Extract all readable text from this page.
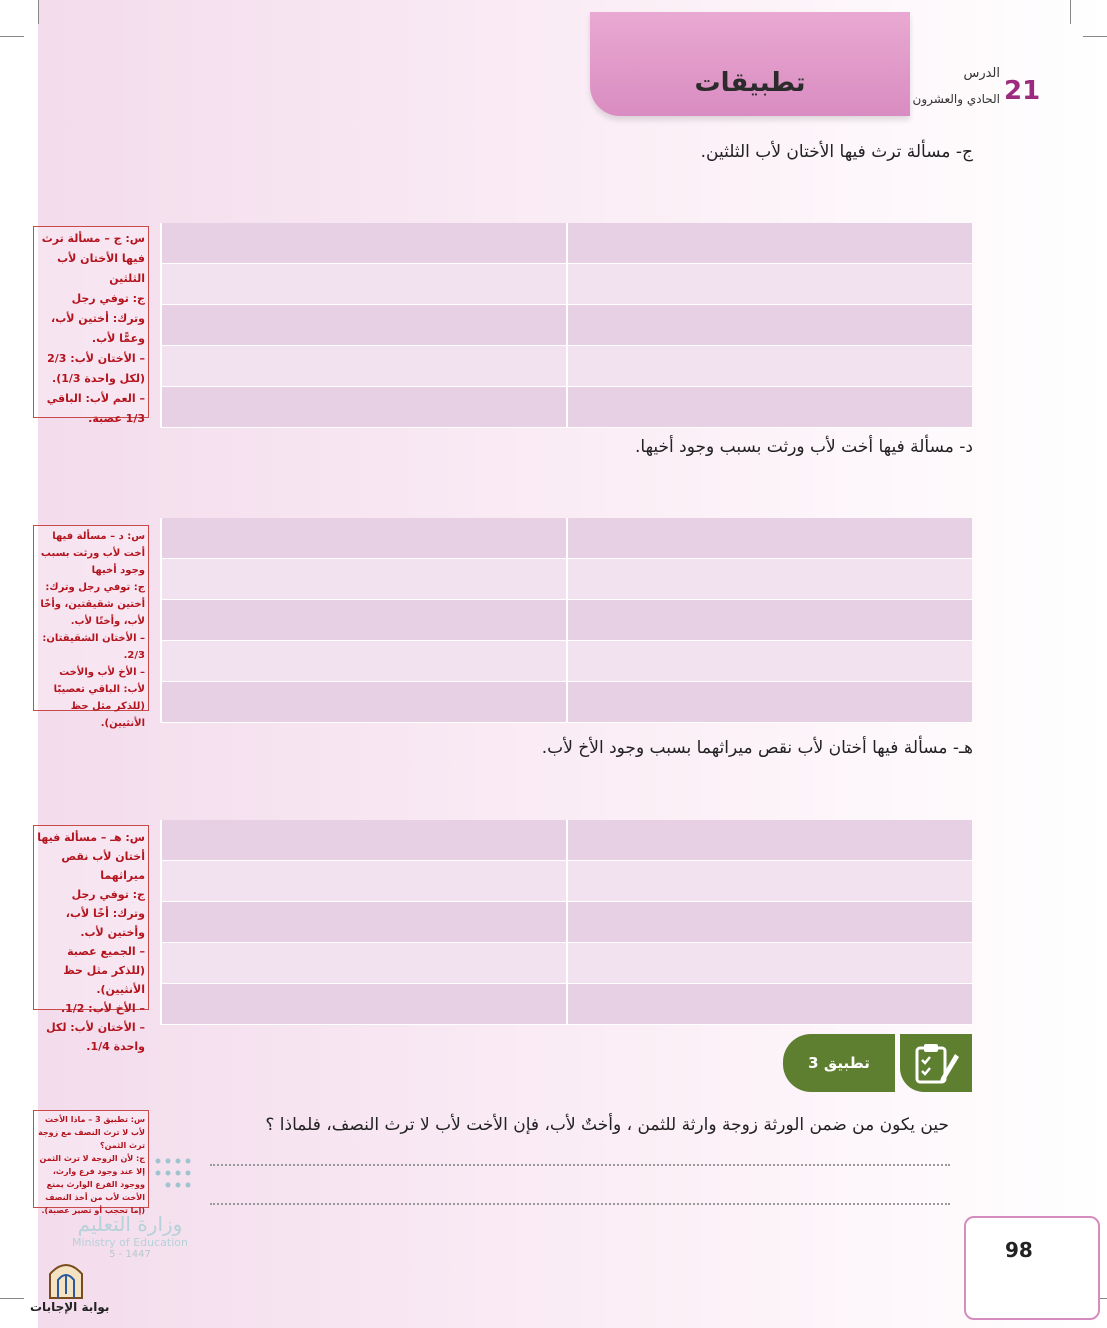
تطبيقات	الدرس
الحادي والعشرون 21
ج- مسألة ترث فيها الأختان لأب الثلثين.

س: ج – مسألة ترث فيها الأختان لأب الثلثين

ج: توفي رجل وترك: أختين لأب، وعمًّا لأب.

– الأختان لأب: 2/3 (لكل واحدة 1/3).

– العم لأب: الباقي 1/3 عصبة.

د- مسألة فيها أخت لأب ورثت بسبب وجود أخيها.

س: د – مسألة فيها أخت لأب ورثت بسبب وجود أخيها

ج: توفي رجل وترك: أختين شقيقتين، وأخًا لأب، وأختًا لأب.

– الأختان الشقيقتان: 2/3.

– الأخ لأب والأخت لأب: الباقي تعصيبًا (للذكر مثل حظ الأنثيين).

هـ- مسألة فيها أختان لأب نقص ميراثهما بسبب وجود الأخ لأب.

س: هـ – مسألة فيها أختان لأب نقص ميراثهما

ج: توفي رجل وترك: أخًا لأب، وأختين لأب.

– الجميع عصبة (للذكر مثل حظ الأنثيين).

– الأخ لأب: 1/2.

– الأختان لأب: لكل واحدة 1/4.

تطبيق 3
حين يكون من ضمن الورثة زوجة وارثة للثمن ، وأختٌ لأب، فإن الأخت لأب لا ترث النصف، فلماذا ؟

س: تطبيق 3 – ماذا الأخت لأب لا ترث النصف مع زوجة ترث الثمن؟

ج: لأن الزوجة لا ترث الثمن إلا عند وجود فرع وارث، ووجود الفرع الوارث يمنع الأخت لأب من أخذ النصف (إما تحجب أو تصير عصبة).

وزارة التعليم
Ministry of Education
5 - 1447
بوابة الإجابات
98
